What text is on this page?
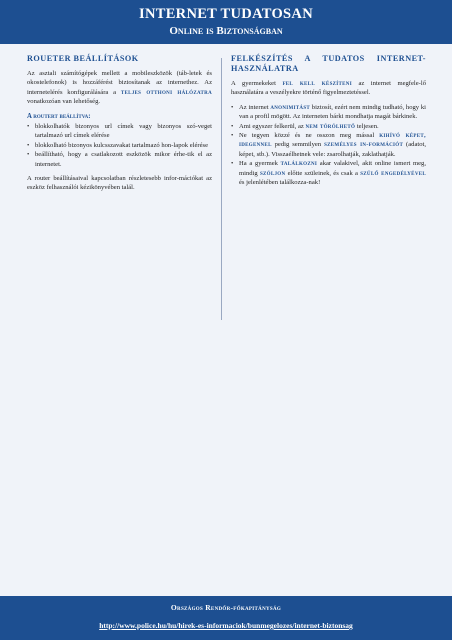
INTERNET TUDATOSAN
Online is Biztonságban
ROUETER BEÁLLÍTÁSOK

Az asztali számítógépek mellett a mobileszközök (táb-letek és okostelefonok) is hozzáférést biztosítanak az internethez. Az internetelérés konfigurálására a teljes otthoni hálózatra vonatkozóan van lehetőség.

A routert beállítva:
• blokkolhatók bizonyos url címek vagy bizonyos szó-veget tartalmazó url címek elérése
• blokkolható bizonyos kulcsszavakat tartalmazó hon-lapok elérése
• beállítható, hogy a csatlakozott eszközök mikor érhe-tik el az internetet.

A router beállításaival kapcsolatban részletesebb infor-mációkat az eszköz felhasználói kézikönyvében talál.

FELKÉSZÍTÉS A TUDATOS INTERNET-HASZNÁLATRA

A gyermekeket fel kell készíteni az internet megfele-lő használatára a veszélyekre történő figyelmeztetéssel.

• Az internet anonimitást biztosít, ezért nem mindig tudható, hogy ki van a profil mögött. Az interneten bárki mondhatja magát bárkinek.
• Ami egyszer felkerül, az nem törölhető teljesen.
• Ne tegyen közzé és ne osszon meg mással kihívó képet, idegennel pedig semmilyen személyes in-formációt (adatot, képet, stb.). Visszaélhetnek vele: zsarolhatják, zaklathatják.
• Ha a gyermek találkozni akar valakivel, akit online ismert meg, mindig szóljon előtte szüleinek, és csak a szülő engedélyével és jelenlétében találkozza-nak!
Országos Rendőr-főkapitányság
http://www.police.hu/hu/hirek-es-informaciok/bunmegelozes/internet-biztonsag
